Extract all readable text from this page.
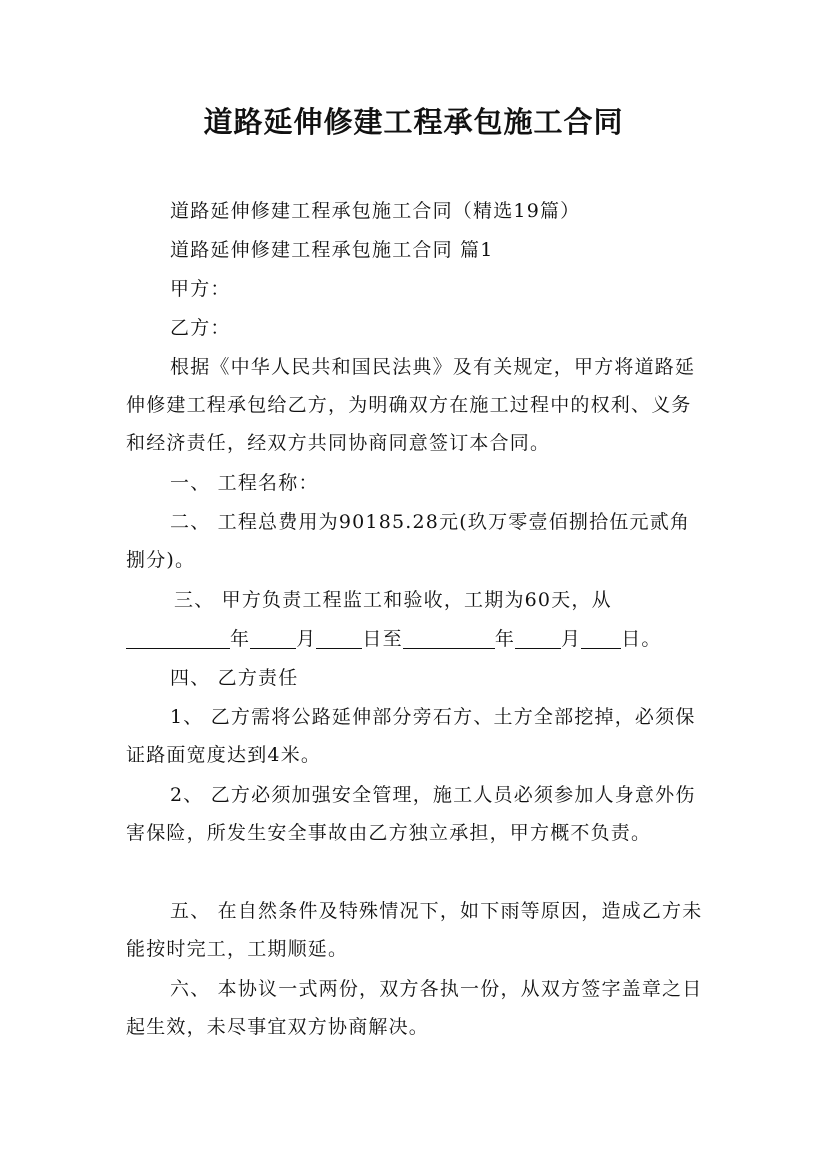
道路延伸修建工程承包施工合同

道路延伸修建工程承包施工合同（精选19篇）

道路延伸修建工程承包施工合同 篇1

甲方：

乙方：

根据《中华人民共和国民法典》及有关规定，甲方将道路延伸修建工程承包给乙方，为明确双方在施工过程中的权利、义务和经济责任，经双方共同协商同意签订本合同。

一、 工程名称：

二、 工程总费用为90185.28元(玖万零壹佰捌拾伍元贰角捌分)。

三、 甲方负责工程监工和验收，工期为60天，从

年 月 日至	年 月 日。

四、 乙方责任

1、 乙方需将公路延伸部分旁石方、土方全部挖掉，必须保证路面宽度达到4米。

2、 乙方必须加强安全管理，施工人员必须参加人身意外伤害保险，所发生安全事故由乙方独立承担，甲方概不负责。

五、 在自然条件及特殊情况下，如下雨等原因，造成乙方未能按时完工，工期顺延。

六、 本协议一式两份，双方各执一份，从双方签字盖章之日起生效，未尽事宜双方协商解决。
